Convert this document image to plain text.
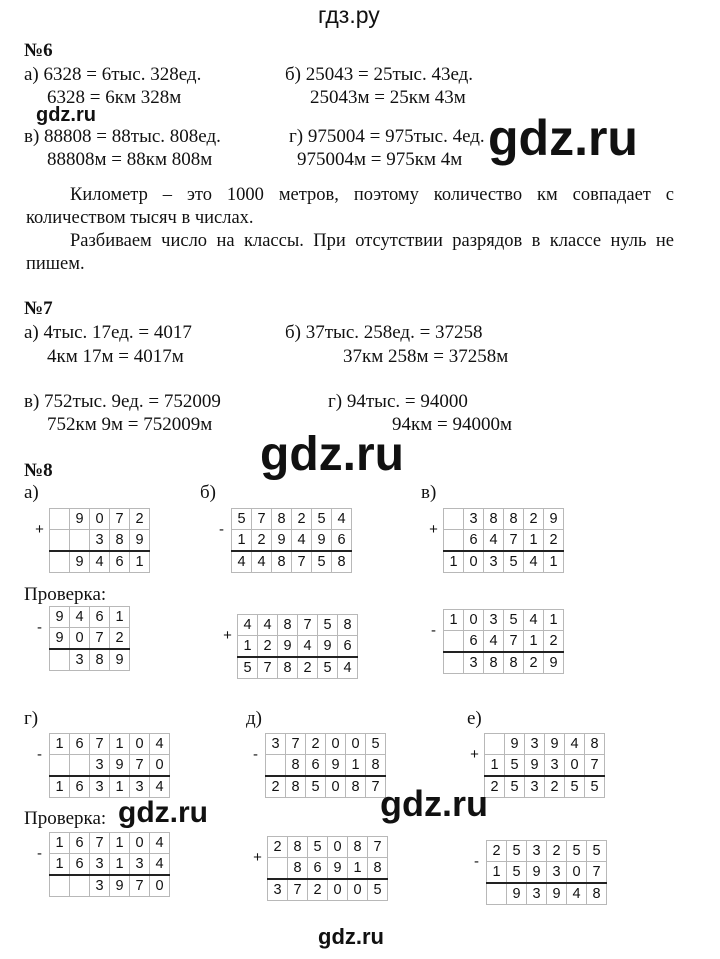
гдз.ру
№6
а) 6328 = 6тыс. 328ед.
6328 = 6км 328м
б) 25043 = 25тыс. 43ед.
25043м = 25км 43м
gdz.ru
в) 88808 = 88тыс. 808ед.
88808м = 88км 808м
г) 975004 = 975тыс. 4ед.
975004м = 975км 4м gdz.ru
Километр – это 1000 метров, поэтому количество км совпадает с количеством тысяч в числах.
Разбиваем число на классы. При отсутствии разрядов в классе нуль не пишем.
№7
а) 4тыс. 17ед. = 4017
4км 17м = 4017м
б) 37тыс. 258ед. = 37258
37км 258м = 37258м
в) 752тыс. 9ед. = 752009
752км 9м = 752009м
г) 94тыс. = 94000
94км = 94000м
gdz.ru
№8
а)	б)	в)
+		9	0	7	2
			3	8	9
		9	4	6	1
-	5	7	8	2	5	4
	1	2	9	4	9	6
	4	4	8	7	5	8
+		3	8	8	2	9
		6	4	7	1	2
	1	0	3	5	4	1
Проверка:
-	9	4	6	1
	9	0	7	2
		3	8	9
+	4	4	8	7	5	8
	1	2	9	4	9	6
	5	7	8	2	5	4
-	1	0	3	5	4	1
		6	4	7	1	2
		3	8	8	2	9
г)	д)	е)
-	1	6	7	1	0	4
			3	9	7	0
	1	6	3	1	3	4
-	3	7	2	0	0	5
		8	6	9	1	8
	2	8	5	0	8	7
+		9	3	9	4	8
	1	5	9	3	0	7
	2	5	3	2	5	5
Проверка: gdz.ru	gdz.ru
-	1	6	7	1	0	4
	1	6	3	1	3	4
			3	9	7	0
+	2	8	5	0	8	7
		8	6	9	1	8
	3	7	2	0	0	5
-	2	5	3	2	5	5
	1	5	9	3	0	7
		9	3	9	4	8
gdz.ru
